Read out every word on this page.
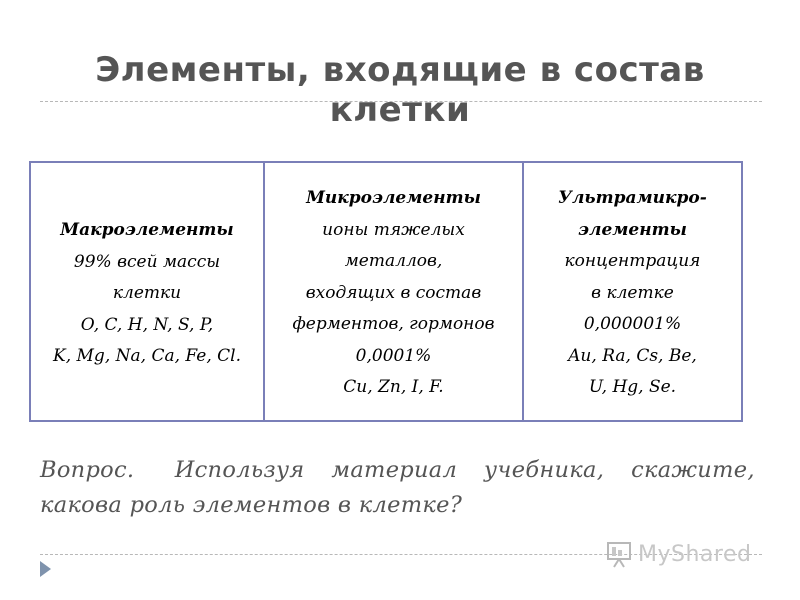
Элементы, входящие в состав клетки
Макроэлементы
99% всей массы
клетки
O, C, H, N, S, P,
K, Mg, Na, Ca, Fe, Cl.
Микроэлементы
ионы тяжелых
металлов,
входящих в состав
ферментов, гормонов
0,0001%
Cu, Zn, I, F.
Ультрамикро-
элементы
концентрация
в клетке
0,000001%
Au, Ra, Cs, Be,
U, Hg, Se.
Вопрос.   Используя  материал  учебника,  скажите,
какова роль элементов в клетке?
MyShared
